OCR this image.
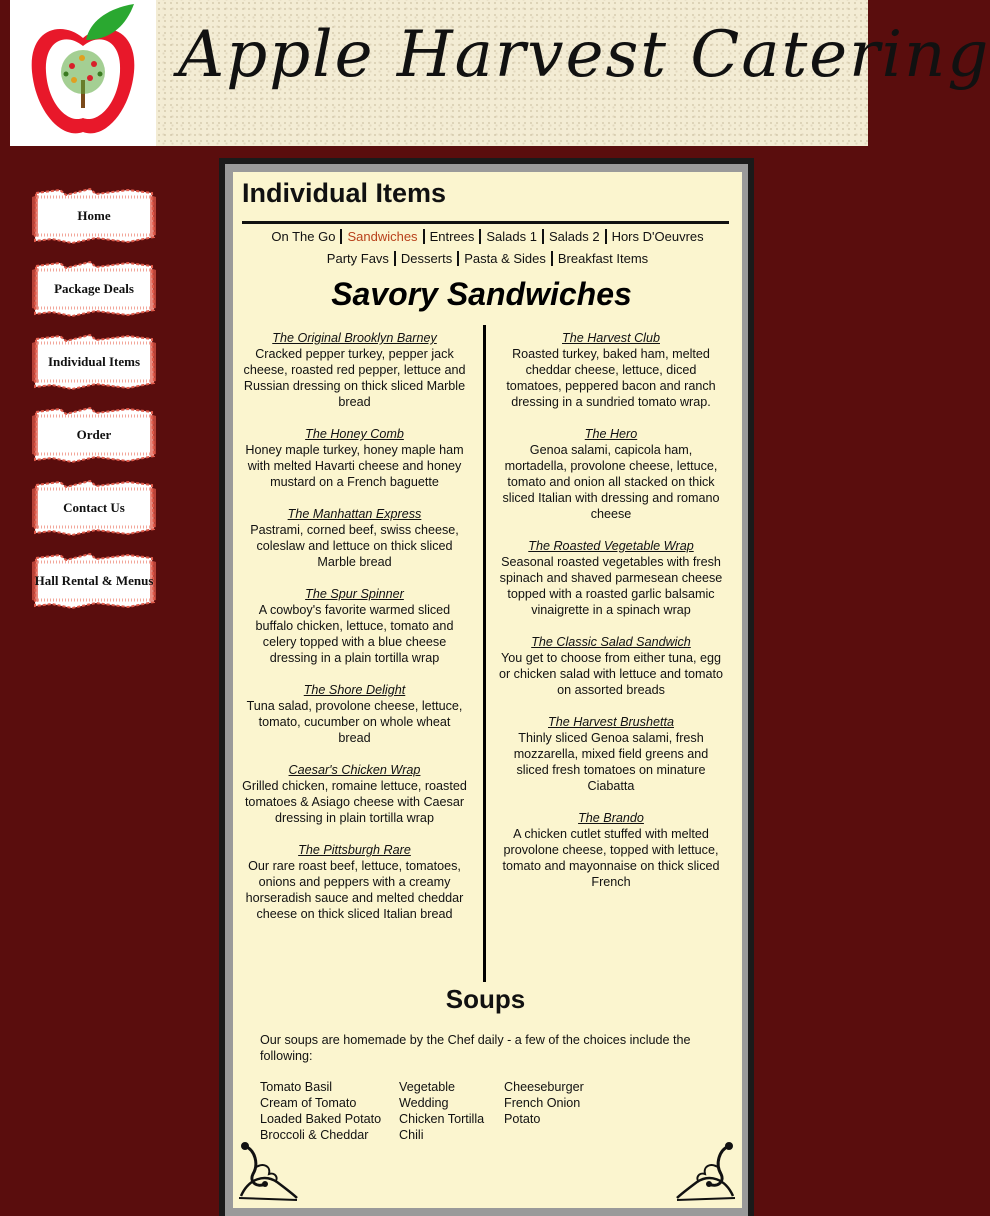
Apple Harvest Catering
Home
Package Deals
Individual Items
Order
Contact Us
Hall Rental & Menus
Individual Items
On The Go Sandwiches Entrees Salads 1 Salads 2 Hors D'Oeuvres
Party Favs Desserts Pasta & Sides Breakfast Items
Savory Sandwiches
The Original Brooklyn Barney
Cracked pepper turkey, pepper jack cheese, roasted red pepper, lettuce and Russian dressing on thick sliced Marble bread
The Honey Comb
Honey maple turkey, honey maple ham with melted Havarti cheese and honey mustard on a French baguette
The Manhattan Express
Pastrami, corned beef, swiss cheese, coleslaw and lettuce on thick sliced Marble bread
The Spur Spinner
A cowboy's favorite warmed sliced buffalo chicken, lettuce, tomato and celery topped with a blue cheese dressing in a plain tortilla wrap
The Shore Delight
Tuna salad, provolone cheese, lettuce, tomato, cucumber on whole wheat bread
Caesar's Chicken Wrap
Grilled chicken, romaine lettuce, roasted tomatoes & Asiago cheese with Caesar dressing in plain tortilla wrap
The Pittsburgh Rare
Our rare roast beef, lettuce, tomatoes, onions and peppers with a creamy horseradish sauce and melted cheddar cheese on thick sliced Italian bread
The Harvest Club
Roasted turkey, baked ham, melted cheddar cheese, lettuce, diced tomatoes, peppered bacon and ranch dressing in a sundried tomato wrap.
The Hero
Genoa salami, capicola ham, mortadella, provolone cheese, lettuce, tomato and onion all stacked on thick sliced Italian with dressing and romano cheese
The Roasted Vegetable Wrap
Seasonal roasted vegetables with fresh spinach and shaved parmesean cheese topped with a roasted garlic balsamic vinaigrette in a spinach wrap
The Classic Salad Sandwich
You get to choose from either tuna, egg or chicken salad with lettuce and tomato on assorted breads
The Harvest Brushetta
Thinly sliced Genoa salami, fresh mozzarella, mixed field greens and sliced fresh tomatoes on minature Ciabatta
The Brando
A chicken cutlet stuffed with melted provolone cheese, topped with lettuce, tomato and mayonnaise on thick sliced French
Soups
Our soups are homemade by the Chef daily - a few of the choices include the following:
Tomato Basil
Cream of Tomato
Loaded Baked Potato
Broccoli & Cheddar
Vegetable
Wedding
Chicken Tortilla
Chili
Cheeseburger
French Onion
Potato
